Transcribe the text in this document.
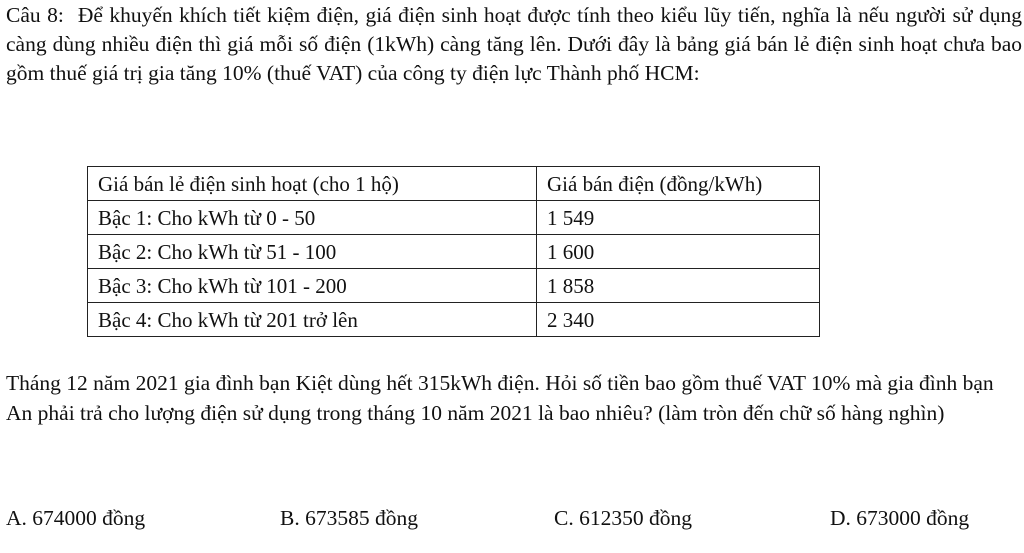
Câu 8: Để khuyến khích tiết kiệm điện, giá điện sinh hoạt được tính theo kiểu lũy tiến, nghĩa là nếu người sử dụng càng dùng nhiều điện thì giá mỗi số điện (1kWh) càng tăng lên. Dưới đây là bảng giá bán lẻ điện sinh hoạt chưa bao gồm thuế giá trị gia tăng 10% (thuế VAT) của công ty điện lực Thành phố HCM:

Giá bán lẻ điện sinh hoạt (cho 1 hộ)	Giá bán điện (đồng/kWh)
Bậc 1: Cho kWh từ 0 - 50	1 549
Bậc 2: Cho kWh từ 51 - 100	1 600
Bậc 3: Cho kWh từ 101 - 200	1 858
Bậc 4: Cho kWh từ 201 trở lên	2 340

Tháng 12 năm 2021 gia đình bạn Kiệt dùng hết 315kWh điện. Hỏi số tiền bao gồm thuế VAT 10% mà gia đình bạn An phải trả cho lượng điện sử dụng trong tháng 10 năm 2021 là bao nhiêu? (làm tròn đến chữ số hàng nghìn)

A. 674000 đồng	B. 673585 đồng	C. 612350 đồng	D. 673000 đồng
